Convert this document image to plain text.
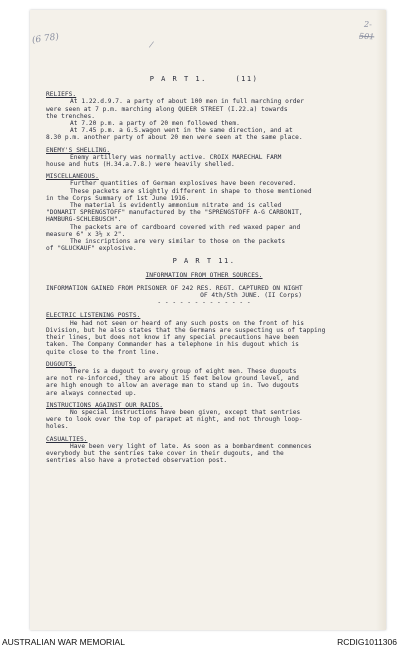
(6 78)
2-
501
/
P A R T 1.	(11)
RELIEFS.

At 1.22.d.9.7. a party of about 100 men in full marching order

were seen at 7 p.m. marching along QUEER STREET (I.22.a) towards

the trenches.

At 7.20 p.m. a party of 20 men followed them.

At 7.45 p.m. a G.S.wagon went in the same direction, and at

8.30 p.m. another party of about 20 men were seen at the same place.

ENEMY'S SHELLING.

Enemy artillery was normally active. CROIX MARECHAL FARM

house and huts (H.34.a.7.8.) were heavily shelled.

MISCELLANEOUS.

Further quantities of German explosives have been recovered.

These packets are slightly different in shape to those mentioned

in the Corps Summary of 1st June 1916.

The material is evidently ammonium nitrate and is called

"DONARIT SPRENGSTOFF" manufactured by the "SPRENGSTOFF A-G CARBONIT,

HAMBURG-SCHLEBUSCH".

The packets are of cardboard covered with red waxed paper and

measure 6" x 3½ x 2".

The inscriptions are very similar to those on the packets

of "GLUCKAUF" explosive.

P A R T 11.
INFORMATION FROM OTHER SOURCES.

INFORMATION GAINED FROM PRISONER OF 242 RES. REGT. CAPTURED ON NIGHT

OF 4th/5th JUNE. (II Corps)

- - - - - - - - - - - - -

ELECTRIC LISTENING POSTS.

He had not seen or heard of any such posts on the front of his

Division, but he also states that the Germans are suspecting us of tapping

their lines, but does not know if any special precautions have been

taken. The Company Commander has a telephone in his dugout which is

quite close to the front line.

DUGOUTS.

There is a dugout to every group of eight men. These dugouts

are not re-inforced, they are about 15 feet below ground level, and

are high enough to allow an average man to stand up in. Two dugouts

are always connected up.

INSTRUCTIONS AGAINST OUR RAIDS.

No special instructions have been given, except that sentries

were to look over the top of parapet at night, and not through loop-

holes.

CASUALTIES.

Have been very light of late. As soon as a bombardment commences

everybody but the sentries take cover in their dugouts, and the

sentries also have a protected observation post.

AUSTRALIAN WAR MEMORIAL	RCDIG1011306
